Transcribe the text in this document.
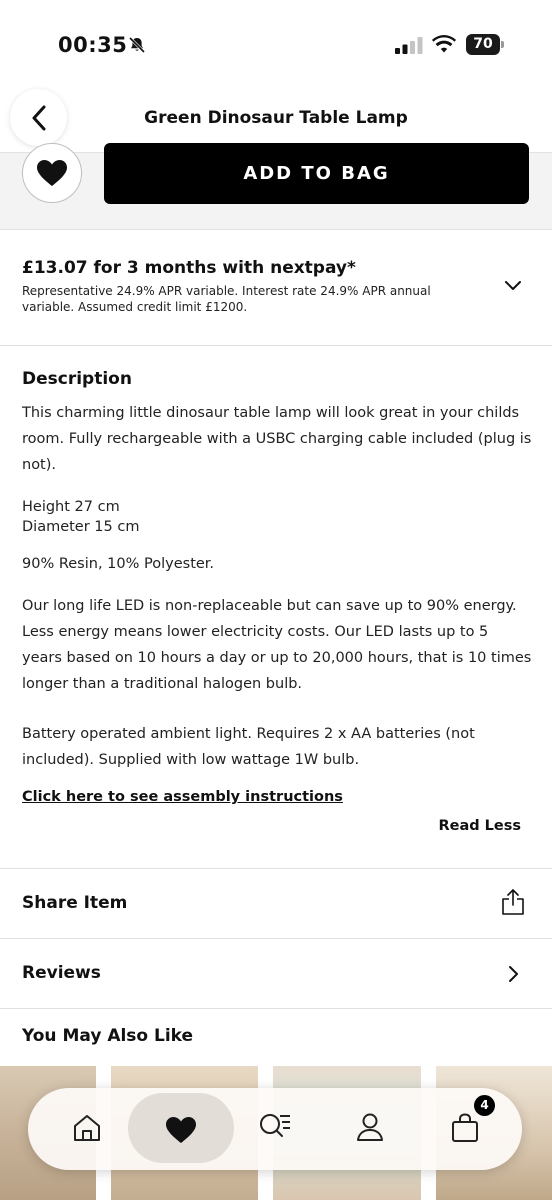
00:35	70
Green Dinosaur Table Lamp
ADD TO BAG
£13.07 for 3 months with nextpay*
Representative 24.9% APR variable. Interest rate 24.9% APR annual variable. Assumed credit limit £1200.
Description

This charming little dinosaur table lamp will look great in your childs room. Fully rechargeable with a USBC charging cable included (plug is not).

Height 27 cm

Diameter 15 cm

90% Resin, 10% Polyester.

Our long life LED is non-replaceable but can save up to 90% energy. Less energy means lower electricity costs. Our LED lasts up to 5 years based on 10 hours a day or up to 20,000 hours, that is 10 times longer than a traditional halogen bulb.

Battery operated ambient light. Requires 2 x AA batteries (not included). Supplied with low wattage 1W bulb.

Click here to see assembly instructions
Read Less
Share Item
Reviews
You May Also Like
4
